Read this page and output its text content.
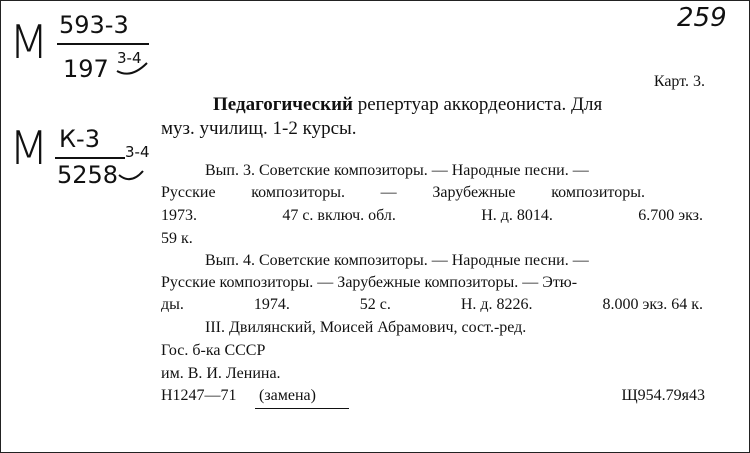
259
М 593-3
197 3-4
М К-3
5258
3-4
Карт. 3.
Педагогический репертуар аккордеониста. Для
муз. училищ. 1-2 курсы.
Вып. 3. Советские композиторы. — Народные песни. —
Русские композиторы. — Зарубежные композиторы.
1973.	47 с. включ. обл.	Н. д. 8014.	6.700 экз.
59 к.
Вып. 4. Советские композиторы. — Народные песни. —
Русские композиторы. — Зарубежные композиторы. — Этю-
ды.	1974.	52 с.	Н. д. 8226.	8.000 экз. 64 к.
III. Двилянский, Моисей Абрамович, сост.-ред.
Гос. б-ка СССР
им. В. И. Ленина.
Н1247—71 (замена)	Щ954.79я43
